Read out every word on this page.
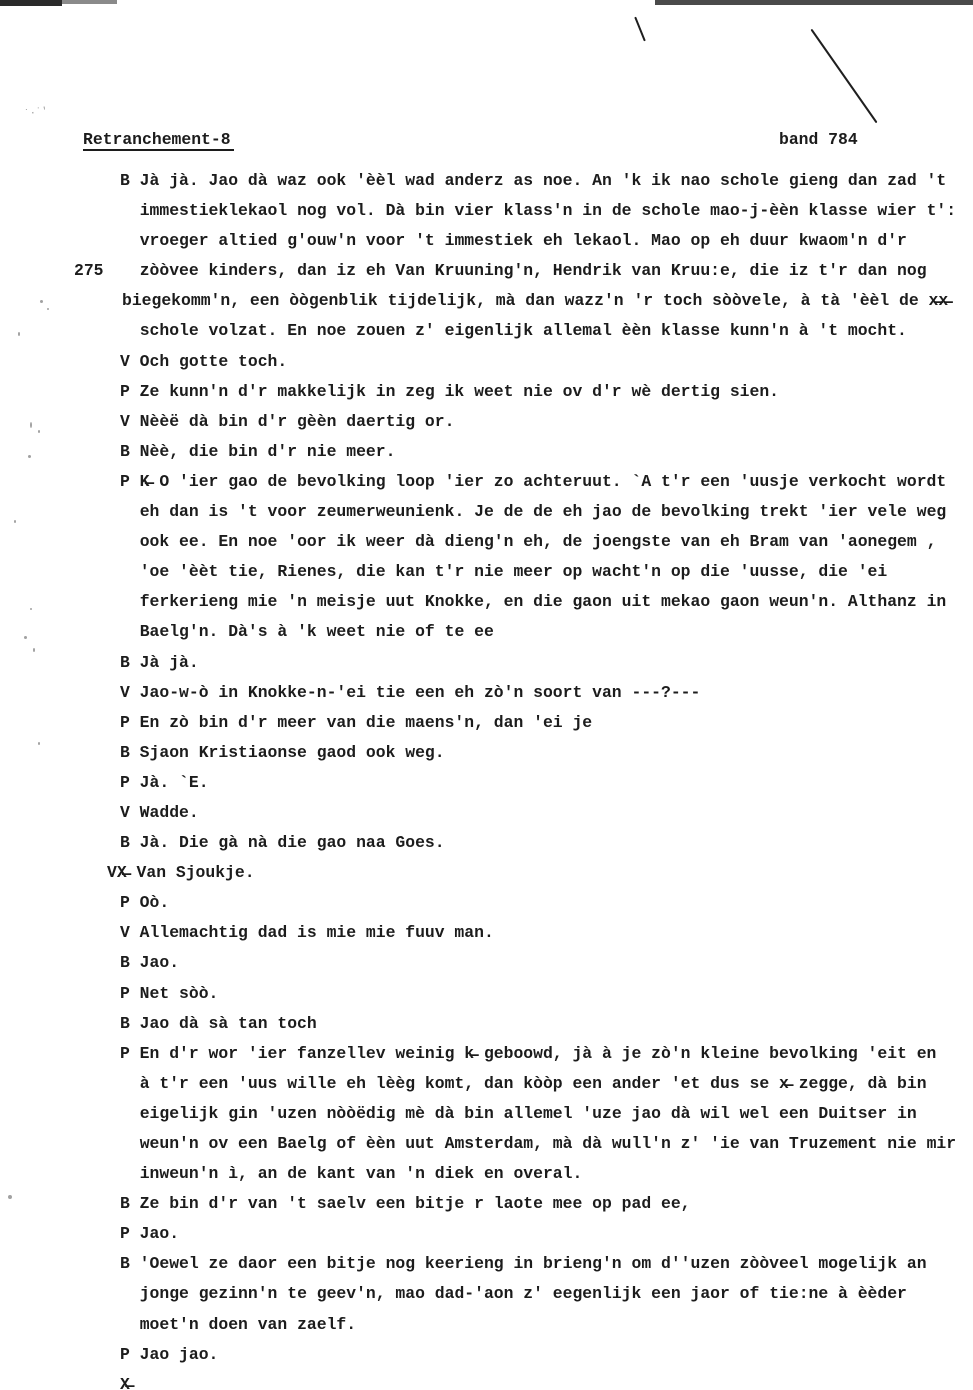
˙·˙'
Retranchement-8	band 784
B Jà jà. Jao dà waz ook 'èèl wad anderz as noe. An 'k ik nao schole gieng dan zad 't
immestieklekaol nog vol. Dà bin vier klass'n in de schole mao-j-èèn klasse wier t':
vroeger altied g'ouw'n voor 't immestiek eh lekaol. Mao op eh duur kwaom'n d'r
275 zòòvee kinders, dan iz eh Van Kruuning'n, Hendrik van Kruu:e, die iz t'r dan nog
biegekomm'n, een òògenblik tijdelijk, mà dan wazz'n 'r toch sòòvele, à tà 'èèl de x̶x̶
schole volzat. En noe zouen z' eigenlijk allemal èèn klasse kunn'n à 't mocht.
V Och gotte toch.
P Ze kunn'n d'r makkelijk in zeg ik weet nie ov d'r wè dertig sien.
V Nèèë dà bin d'r gèèn daertig or.
B Nèè, die bin d'r nie meer.
P K̶ O 'ier gao de bevolking loop 'ier zo achteruut. `A t'r een 'uusje verkocht wordt
eh dan is 't voor zeumerweunienk. Je de de eh jao de bevolking trekt 'ier vele weg
ook ee. En noe 'oor ik weer dà dieng'n eh, de joengste van eh Bram van 'aonegem ,
'oe 'èèt tie, Rienes, die kan t'r nie meer op wacht'n op die 'uusse, die 'ei
ferkerieng mie 'n meisje uut Knokke, en die gaon uit mekao gaon weun'n. Althanz in
Baelg'n. Dà's à 'k weet nie of te ee
B Jà jà.
V Jao-w-ò in Knokke-n-'ei tie een eh zò'n soort van ---?---
P En zò bin d'r meer van die maens'n, dan 'ei je
B Sjaon Kristiaonse gaod ook weg.
P Jà. `E.
V Wadde.
B Jà. Die gà nà die gao naa Goes.
VX̶ Van Sjoukje.
P Oò.
V Allemachtig dad is mie mie fuuv man.
B Jao.
P Net sòò.
B Jao dà sà tan toch
P En d'r wor 'ier fanzellev weinig k̶ geboowd, jà à je zò'n kleine bevolking 'eit en
à t'r een 'uus wille eh lèèg komt, dan kòòp een ander 'et dus se x̶ zegge, dà bin
eigelijk gin 'uzen nòòëdig mè dà bin allemel 'uze jao dà wil wel een Duitser in
weun'n ov een Baelg of èèn uut Amsterdam, mà dà wull'n z' 'ie van Truzement nie mir
inweun'n ì, an de kant van 'n diek en overal.
B Ze bin d'r van 't saelv een bitje r laote mee op pad ee,
P Jao.
B 'Oewel ze daor een bitje nog keerieng in brieng'n om d''uzen zòòveel mogelijk an
jonge gezinn'n te geev'n, mao dad-'aon z' eegenlijk een jaor of tie:ne à èèder
moet'n doen van zaelf.
P Jao jao.
X̶
